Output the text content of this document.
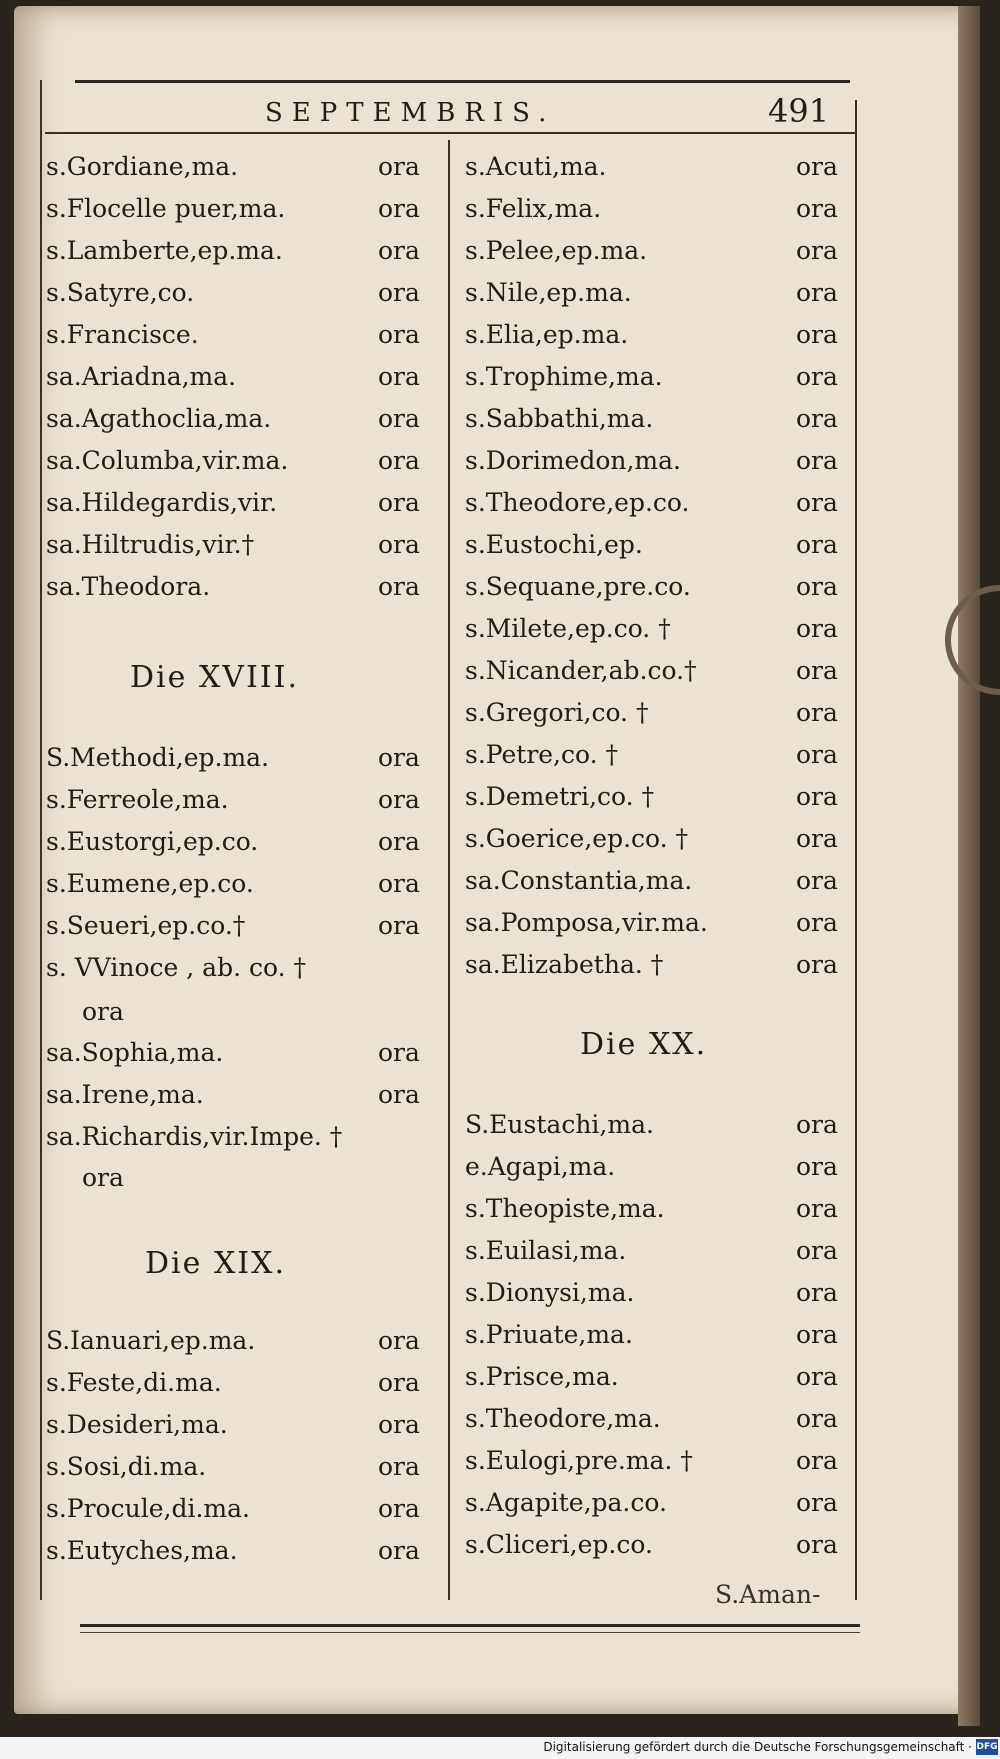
SEPTEMBRIS.	491
s.Gordiane,ma.	ora
s.Flocelle puer,ma.	ora
s.Lamberte,ep.ma.	ora
s.Satyre,co.	ora
s.Francisce.	ora
sa.Ariadna,ma.	ora
sa.Agathoclia,ma.	ora
sa.Columba,vir.ma.	ora
sa.Hildegardis,vir.	ora
sa.Hiltrudis,vir.†	ora
sa.Theodora.	ora
Die XVIII.
S.Methodi,ep.ma.	ora
s.Ferreole,ma.	ora
s.Eustorgi,ep.co.	ora
s.Eumene,ep.co.	ora
s.Seueri,ep.co.†	ora
s. VVinoce , ab. co. †
ora
sa.Sophia,ma.	ora
sa.Irene,ma.	ora
sa.Richardis,vir.Impe. †
ora
Die XIX.
S.Ianuari,ep.ma.	ora
s.Feste,di.ma.	ora
s.Desideri,ma.	ora
s.Sosi,di.ma.	ora
s.Procule,di.ma.	ora
s.Eutyches,ma.	ora
s.Acuti,ma.	ora
s.Felix,ma.	ora
s.Pelee,ep.ma.	ora
s.Nile,ep.ma.	ora
s.Elia,ep.ma.	ora
s.Trophime,ma.	ora
s.Sabbathi,ma.	ora
s.Dorimedon,ma.	ora
s.Theodore,ep.co.	ora
s.Eustochi,ep.	ora
s.Sequane,pre.co.	ora
s.Milete,ep.co. †	ora
s.Nicander,ab.co.†	ora
s.Gregori,co. †	ora
s.Petre,co. †	ora
s.Demetri,co. †	ora
s.Goerice,ep.co. †	ora
sa.Constantia,ma.	ora
sa.Pomposa,vir.ma.	ora
sa.Elizabetha. †	ora
Die XX.
S.Eustachi,ma.	ora
e.Agapi,ma.	ora
s.Theopiste,ma.	ora
s.Euilasi,ma.	ora
s.Dionysi,ma.	ora
s.Priuate,ma.	ora
s.Prisce,ma.	ora
s.Theodore,ma.	ora
s.Eulogi,pre.ma. †	ora
s.Agapite,pa.co.	ora
s.Cliceri,ep.co.	ora
S.Aman-
Digitalisierung gefördert durch die Deutsche Forschungsgemeinschaft · DFG
